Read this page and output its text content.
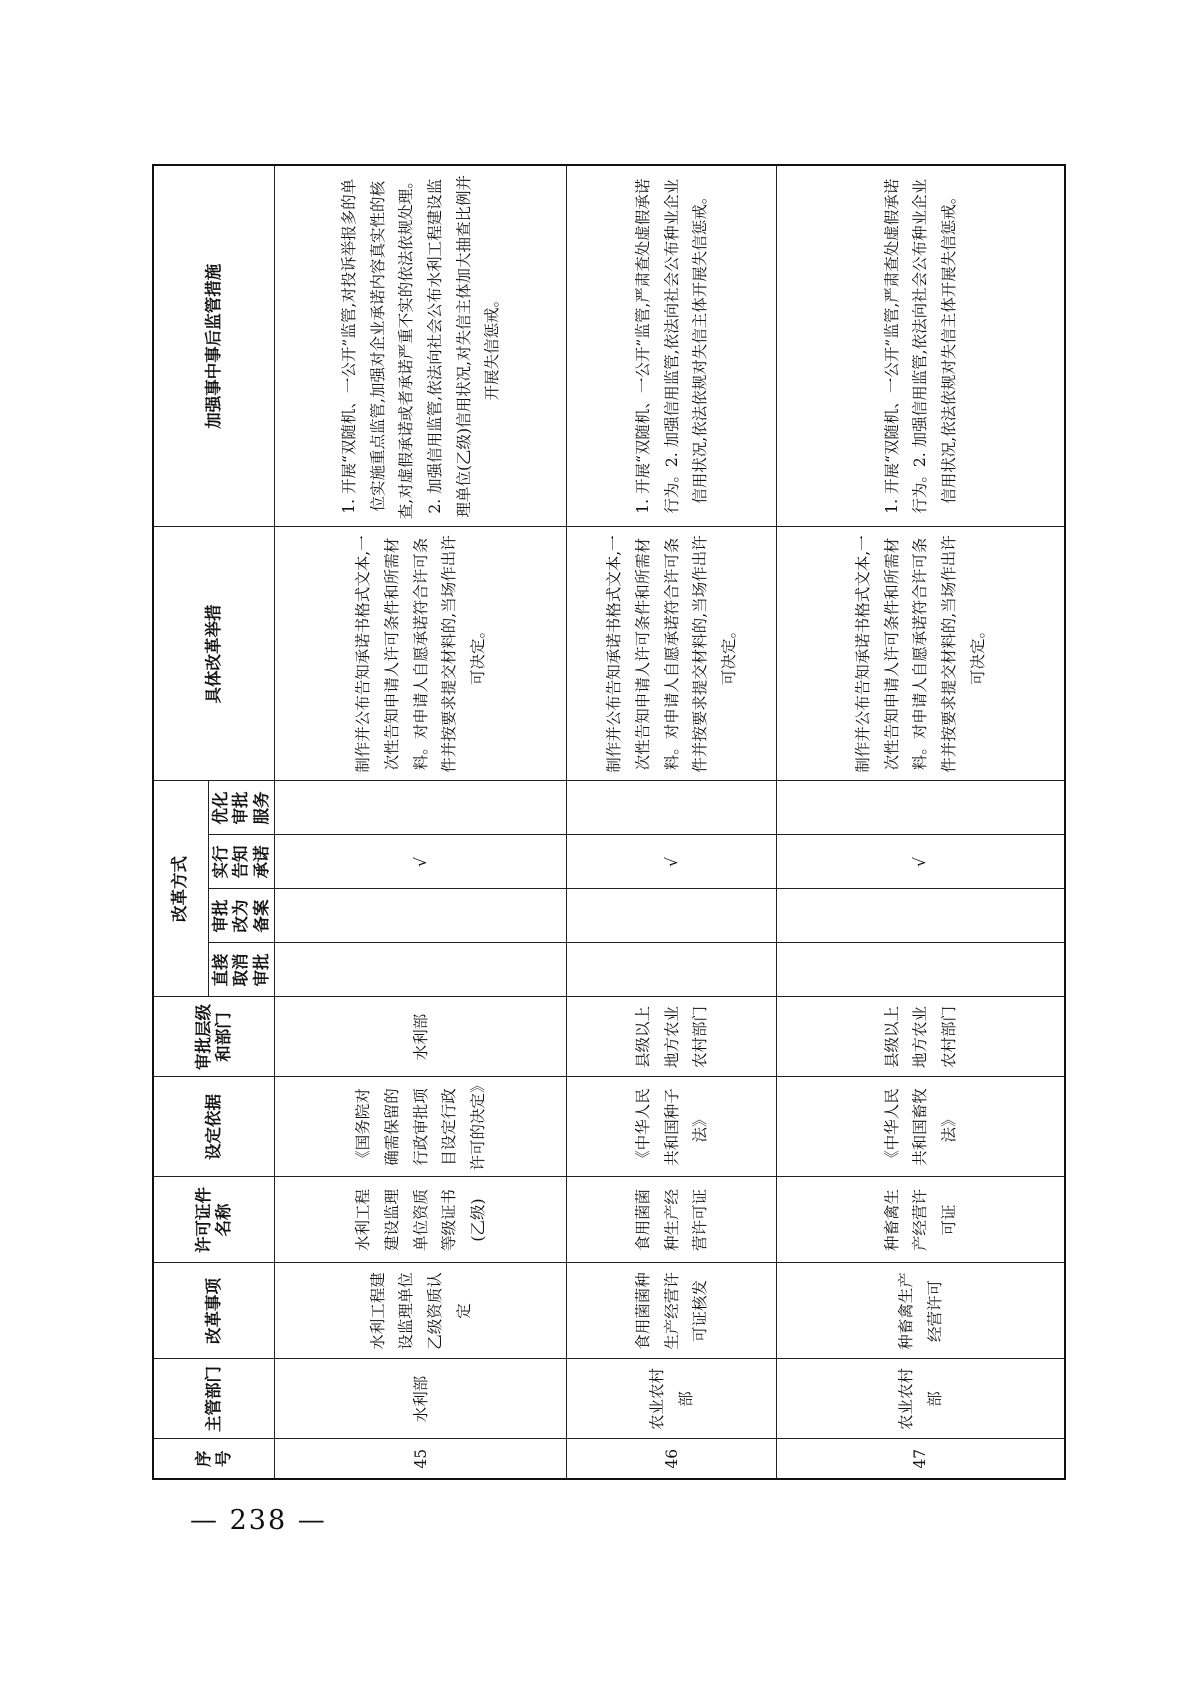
序号	主管部门	改革事项	许可证件名称	设定依据	审批层级和部门	改革方式				具体改革举措	加强事中事后监管措施
						直接取消审批	审批改为备案	实行告知承诺	优化审批服务		
45	水利部	水利工程建设监理单位乙级资质认定	水利工程建设监理单位资质等级证书(乙级)	《国务院对确需保留的行政审批项目设定行政许可的决定》	水利部			√		制作并公布告知承诺书格式文本,一次性告知申请人许可条件和所需材料。对申请人自愿承诺符合许可条件并按要求提交材料的,当场作出许可决定。	1. 开展“双随机、一公开”监管,对投诉举报多的单位实施重点监管,加强对企业承诺内容真实性的核查,对虚假承诺或者承诺严重不实的依法依规处理。2. 加强信用监管,依法向社会公布水利工程建设监理单位(乙级)信用状况,对失信主体加大抽查比例并开展失信惩戒。
46	农业农村部	食用菌菌种生产经营许可证核发	食用菌菌种生产经营许可证	《中华人民共和国种子法》	县级以上地方农业农村部门			√		制作并公布告知承诺书格式文本,一次性告知申请人许可条件和所需材料。对申请人自愿承诺符合许可条件并按要求提交材料的,当场作出许可决定。	1. 开展“双随机、一公开”监管,严肃查处虚假承诺行为。2. 加强信用监管,依法向社会公布种业企业信用状况,依法依规对失信主体开展失信惩戒。
47	农业农村部	种畜禽生产经营许可	种畜禽生产经营许可证	《中华人民共和国畜牧法》	县级以上地方农业农村部门			√		制作并公布告知承诺书格式文本,一次性告知申请人许可条件和所需材料。对申请人自愿承诺符合许可条件并按要求提交材料的,当场作出许可决定。	1. 开展“双随机、一公开”监管,严肃查处虚假承诺行为。2. 加强信用监管,依法向社会公布种业企业信用状况,依法依规对失信主体开展失信惩戒。
— 238 —
